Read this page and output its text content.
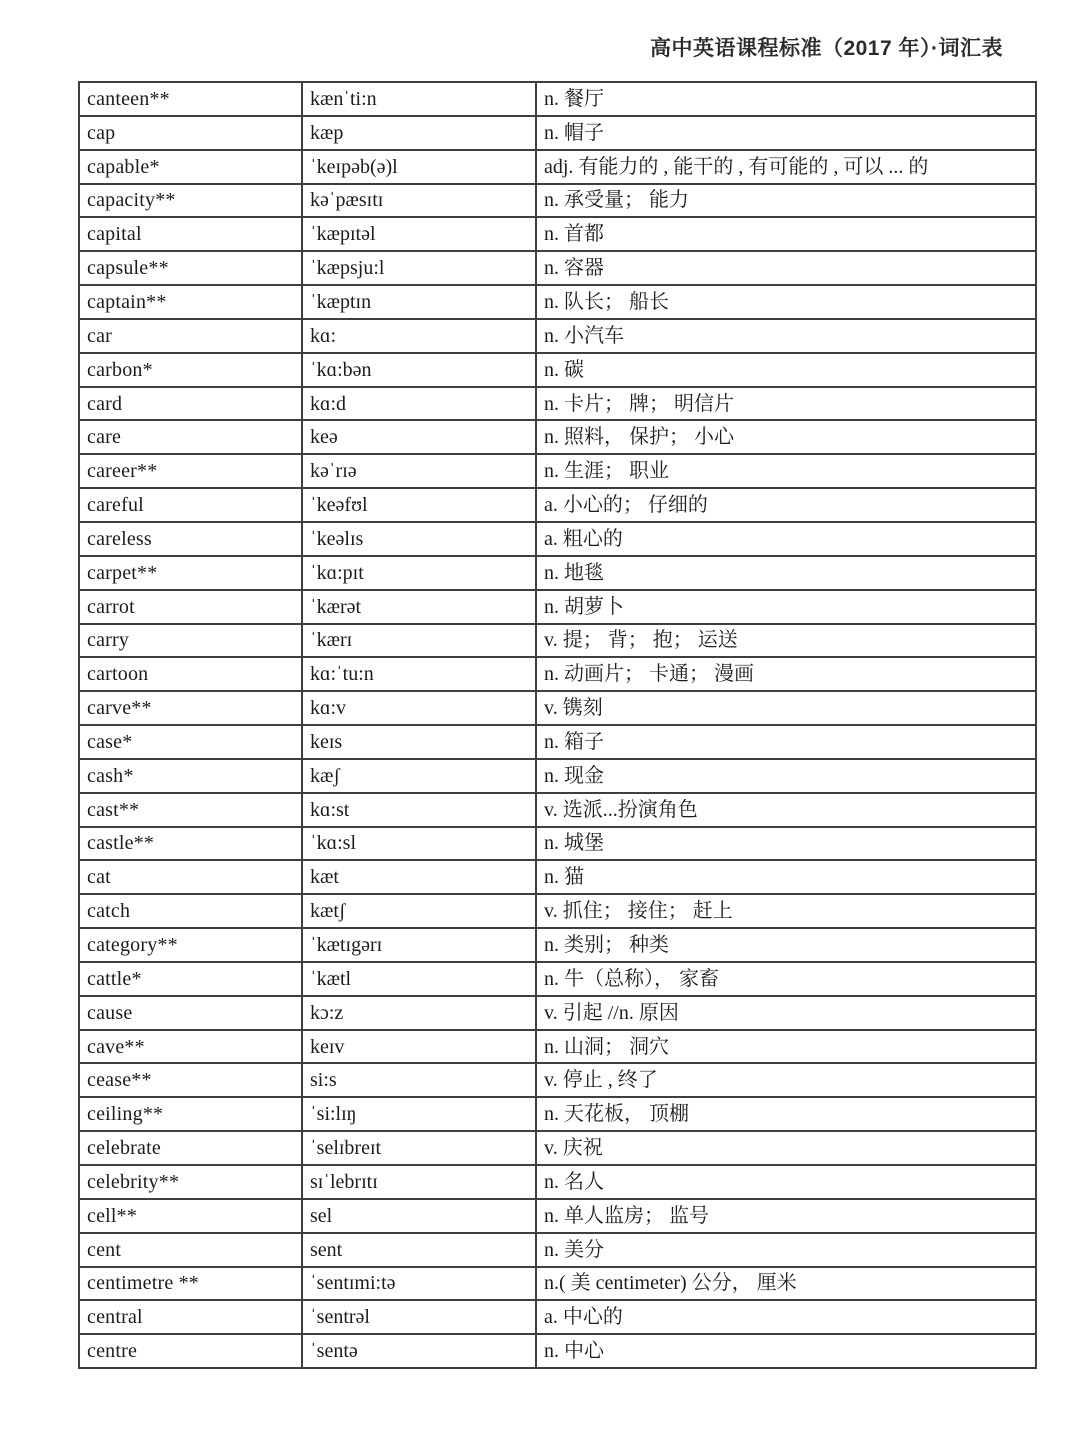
高中英语课程标准（2017 年）·词汇表
canteen**	kænˈti:n	n. 餐厅
cap	kæp	n. 帽子
capable*	ˈkeɪpəb(ə)l	adj. 有能力的 , 能干的 , 有可能的 , 可以 ... 的
capacity**	kəˈpæsɪtɪ	n. 承受量； 能力
capital	ˈkæpɪtəl	n. 首都
capsule**	ˈkæpsju:l	n. 容器
captain**	ˈkæptɪn	n. 队长； 船长
car	kɑ:	n. 小汽车
carbon*	ˈkɑ:bən	n. 碳
card	kɑ:d	n. 卡片； 牌； 明信片
care	keə	n. 照料， 保护； 小心
career**	kəˈrɪə	n. 生涯； 职业
careful	ˈkeəfʊl	a. 小心的； 仔细的
careless	ˈkeəlɪs	a. 粗心的
carpet**	ˈkɑ:pɪt	n. 地毯
carrot	ˈkærət	n. 胡萝卜
carry	ˈkærɪ	v. 提； 背； 抱； 运送
cartoon	kɑ:ˈtu:n	n. 动画片； 卡通； 漫画
carve**	kɑ:v	v. 镌刻
case*	keɪs	n. 箱子
cash*	kæʃ	n. 现金
cast**	kɑ:st	v. 选派...扮演角色
castle**	ˈkɑ:sl	n. 城堡
cat	kæt	n. 猫
catch	kætʃ	v. 抓住； 接住； 赶上
category**	ˈkætɪgərɪ	n. 类别； 种类
cattle*	ˈkætl	n. 牛（总称）， 家畜
cause	kɔ:z	v. 引起 //n. 原因
cave**	keɪv	n. 山洞； 洞穴
cease**	si:s	v. 停止 , 终了
ceiling**	ˈsi:lɪŋ	n. 天花板， 顶棚
celebrate	ˈselɪbreɪt	v. 庆祝
celebrity**	sɪˈlebrɪtɪ	n. 名人
cell**	sel	n. 单人监房； 监号
cent	sent	n. 美分
centimetre **	ˈsentɪmi:tə	n.( 美 centimeter) 公分， 厘米
central	ˈsentrəl	a. 中心的
centre	ˈsentə	n. 中心
